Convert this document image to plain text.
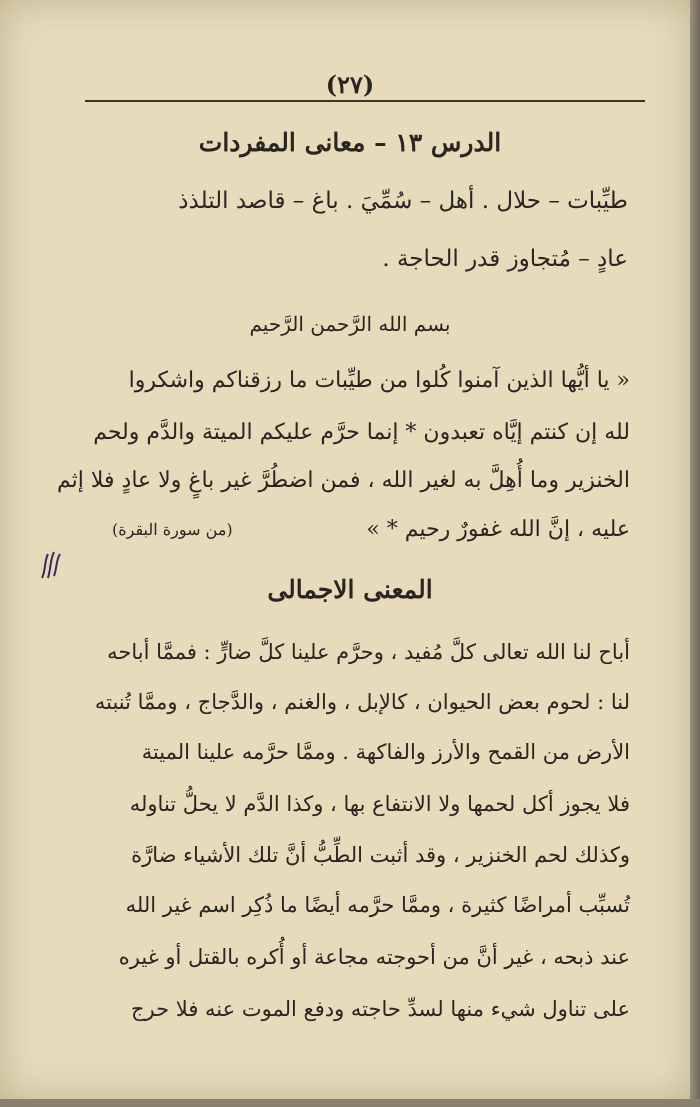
(٢٧)
الدرس ١٣ – معانى المفردات
طيِّبات – حلال . أهل – سُمِّيَ . باغ – قاصد التلذذ
عادٍ – مُتجاوز قدر الحاجة .
بسم الله الرَّحمن الرَّحيم
« يا أيُّها الذين آمنوا كُلوا من طيِّبات ما رزقناكم واشكروا
لله إن كنتم إيَّاه تعبدون * إنما حرَّم عليكم الميتة والدَّم ولحم
الخنزير وما أُهِلَّ به لغير الله ، فمن اضطُرَّ غير باغٍ ولا عادٍ فلا إثم
عليه ، إنَّ الله غفورٌ رحيم * »
(من سورة البقرة)
المعنى الاجمالى
أباح لنا الله تعالى كلَّ مُفيد ، وحرَّم علينا كلَّ ضارٍّ : فممَّا أباحه
لنا : لحوم بعض الحيوان ، كالإبل ، والغنم ، والدَّجاج ، وممَّا تُنبته
الأرض من القمح والأرز والفاكهة . وممَّا حرَّمه علينا الميتة
فلا يجوز أكل لحمها ولا الانتفاع بها ، وكذا الدَّم لا يحلُّ تناوله
وكذلك لحم الخنزير ، وقد أثبت الطِّبُّ أنَّ تلك الأشياء ضارَّة
تُسبِّب أمراضًا كثيرة ، وممَّا حرَّمه أيضًا ما ذُكِر اسم غير الله
عند ذبحه ، غير أنَّ من أحوجته مجاعة أو أُكره بالقتل أو غيره
على تناول شيء منها لسدِّ حاجته ودفع الموت عنه فلا حرج
